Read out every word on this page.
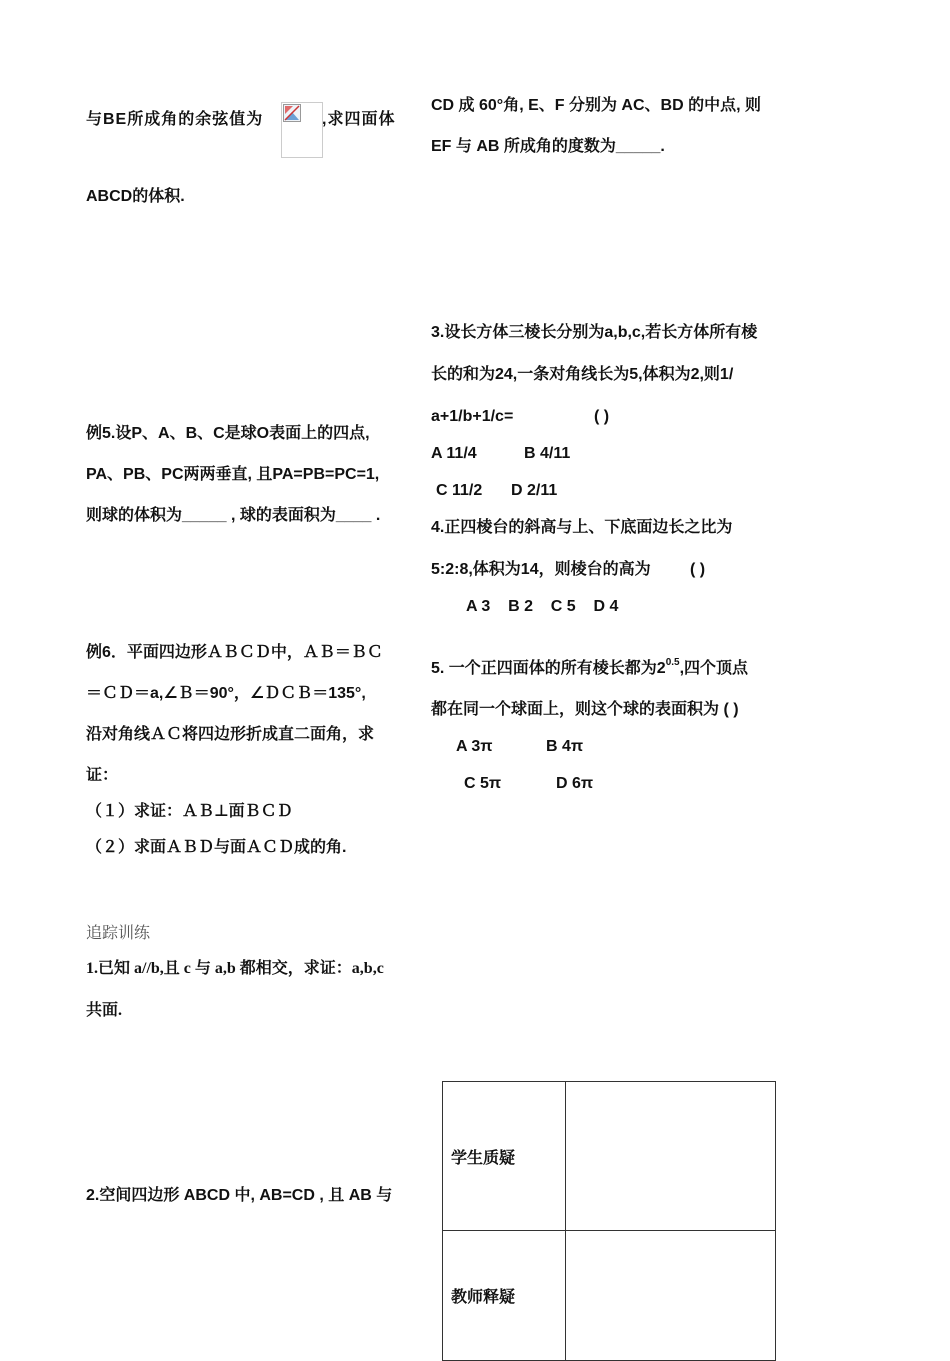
与BE所成角的余弦值为	,求四面体
ABCD的体积.
例5.设P、A、B、C是球O表面上的四点,
PA、PB、PC两两垂直, 且PA=PB=PC=1,
则球的体积为_____ , 球的表面积为____ .
例6．平面四边形ＡＢＣＤ中，ＡＢ＝ＢＣ
＝ＣＤ＝a,∠Ｂ＝90°，∠ＤＣＢ＝135°,
沿对角线ＡＣ将四边形折成直二面角，求
证：
（１）求证：ＡＢ⊥面ＢＣＤ
（２）求面ＡＢＤ与面ＡＣＤ成的角.
追踪训练
1.已知 a//b,且 c 与 a,b 都相交，求证：a,b,c
共面.
2.空间四边形 ABCD 中, AB=CD , 且 AB 与
CD 成 60°角, E、F 分别为 AC、BD 的中点, 则
EF 与 AB 所成角的度数为_____.
3.设长方体三棱长分别为a,b,c,若长方体所有棱
长的和为24,一条对角线长为5,体积为2,则1/
a+1/b+1/c=	( )
A 11/4	B 4/11
C 11/2 D 2/11
4.正四棱台的斜高与上、下底面边长之比为
5:2:8,体积为14，则棱台的高为 ( )
A 3    B 2    C 5    D 4
5. 一个正四面体的所有棱长都为$2^{0.5}$,四个顶点
都在同一个球面上，则这个球的表面积为 ( )
A 3π	B 4π
C 5π	D 6π
学生质疑	
教师释疑	
